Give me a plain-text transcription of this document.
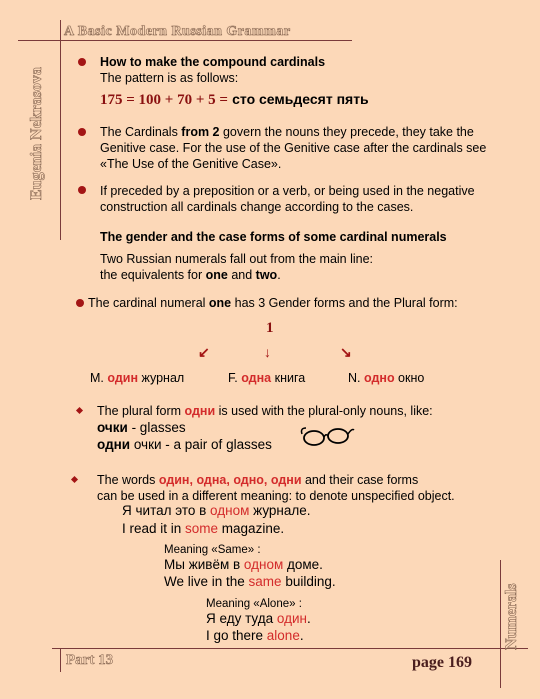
A Basic Modern Russian Grammar
Eugenia Nekrasova
Numerals
Part 13	page 169
How to make the compound cardinals
The pattern is as follows:
175 = 100 + 70 + 5 = сто семьдесят пять
The Cardinals from 2 govern the nouns they precede, they take the
Genitive case. For the use of the Genitive case after the cardinals see
«The Use of the Genitive Case».
If preceded by a preposition or a verb, or being used in the negative
construction all cardinals change according to the cases.
The gender and the case forms of some cardinal numerals
Two Russian numerals fall out from the main line:
the equivalents for one and two.
The cardinal numeral one has 3 Gender forms and the Plural form:
1
↙	↓	↘
M. один журнал	F. одна книга	N. одно окно
The plural form одни is used with the plural-only nouns, like:
очки - glasses
одни очки - a pair of glasses
The words один, одна, одно, одни and their case forms
can be used in a different meaning: to denote unspecified object.
Я читал это в одном журнале.
I read it in some magazine.
Meaning «Same» :
Мы живём в одном доме.
We live in the same building.
Meaning «Alone» :
Я еду туда один.
I go there alone.
